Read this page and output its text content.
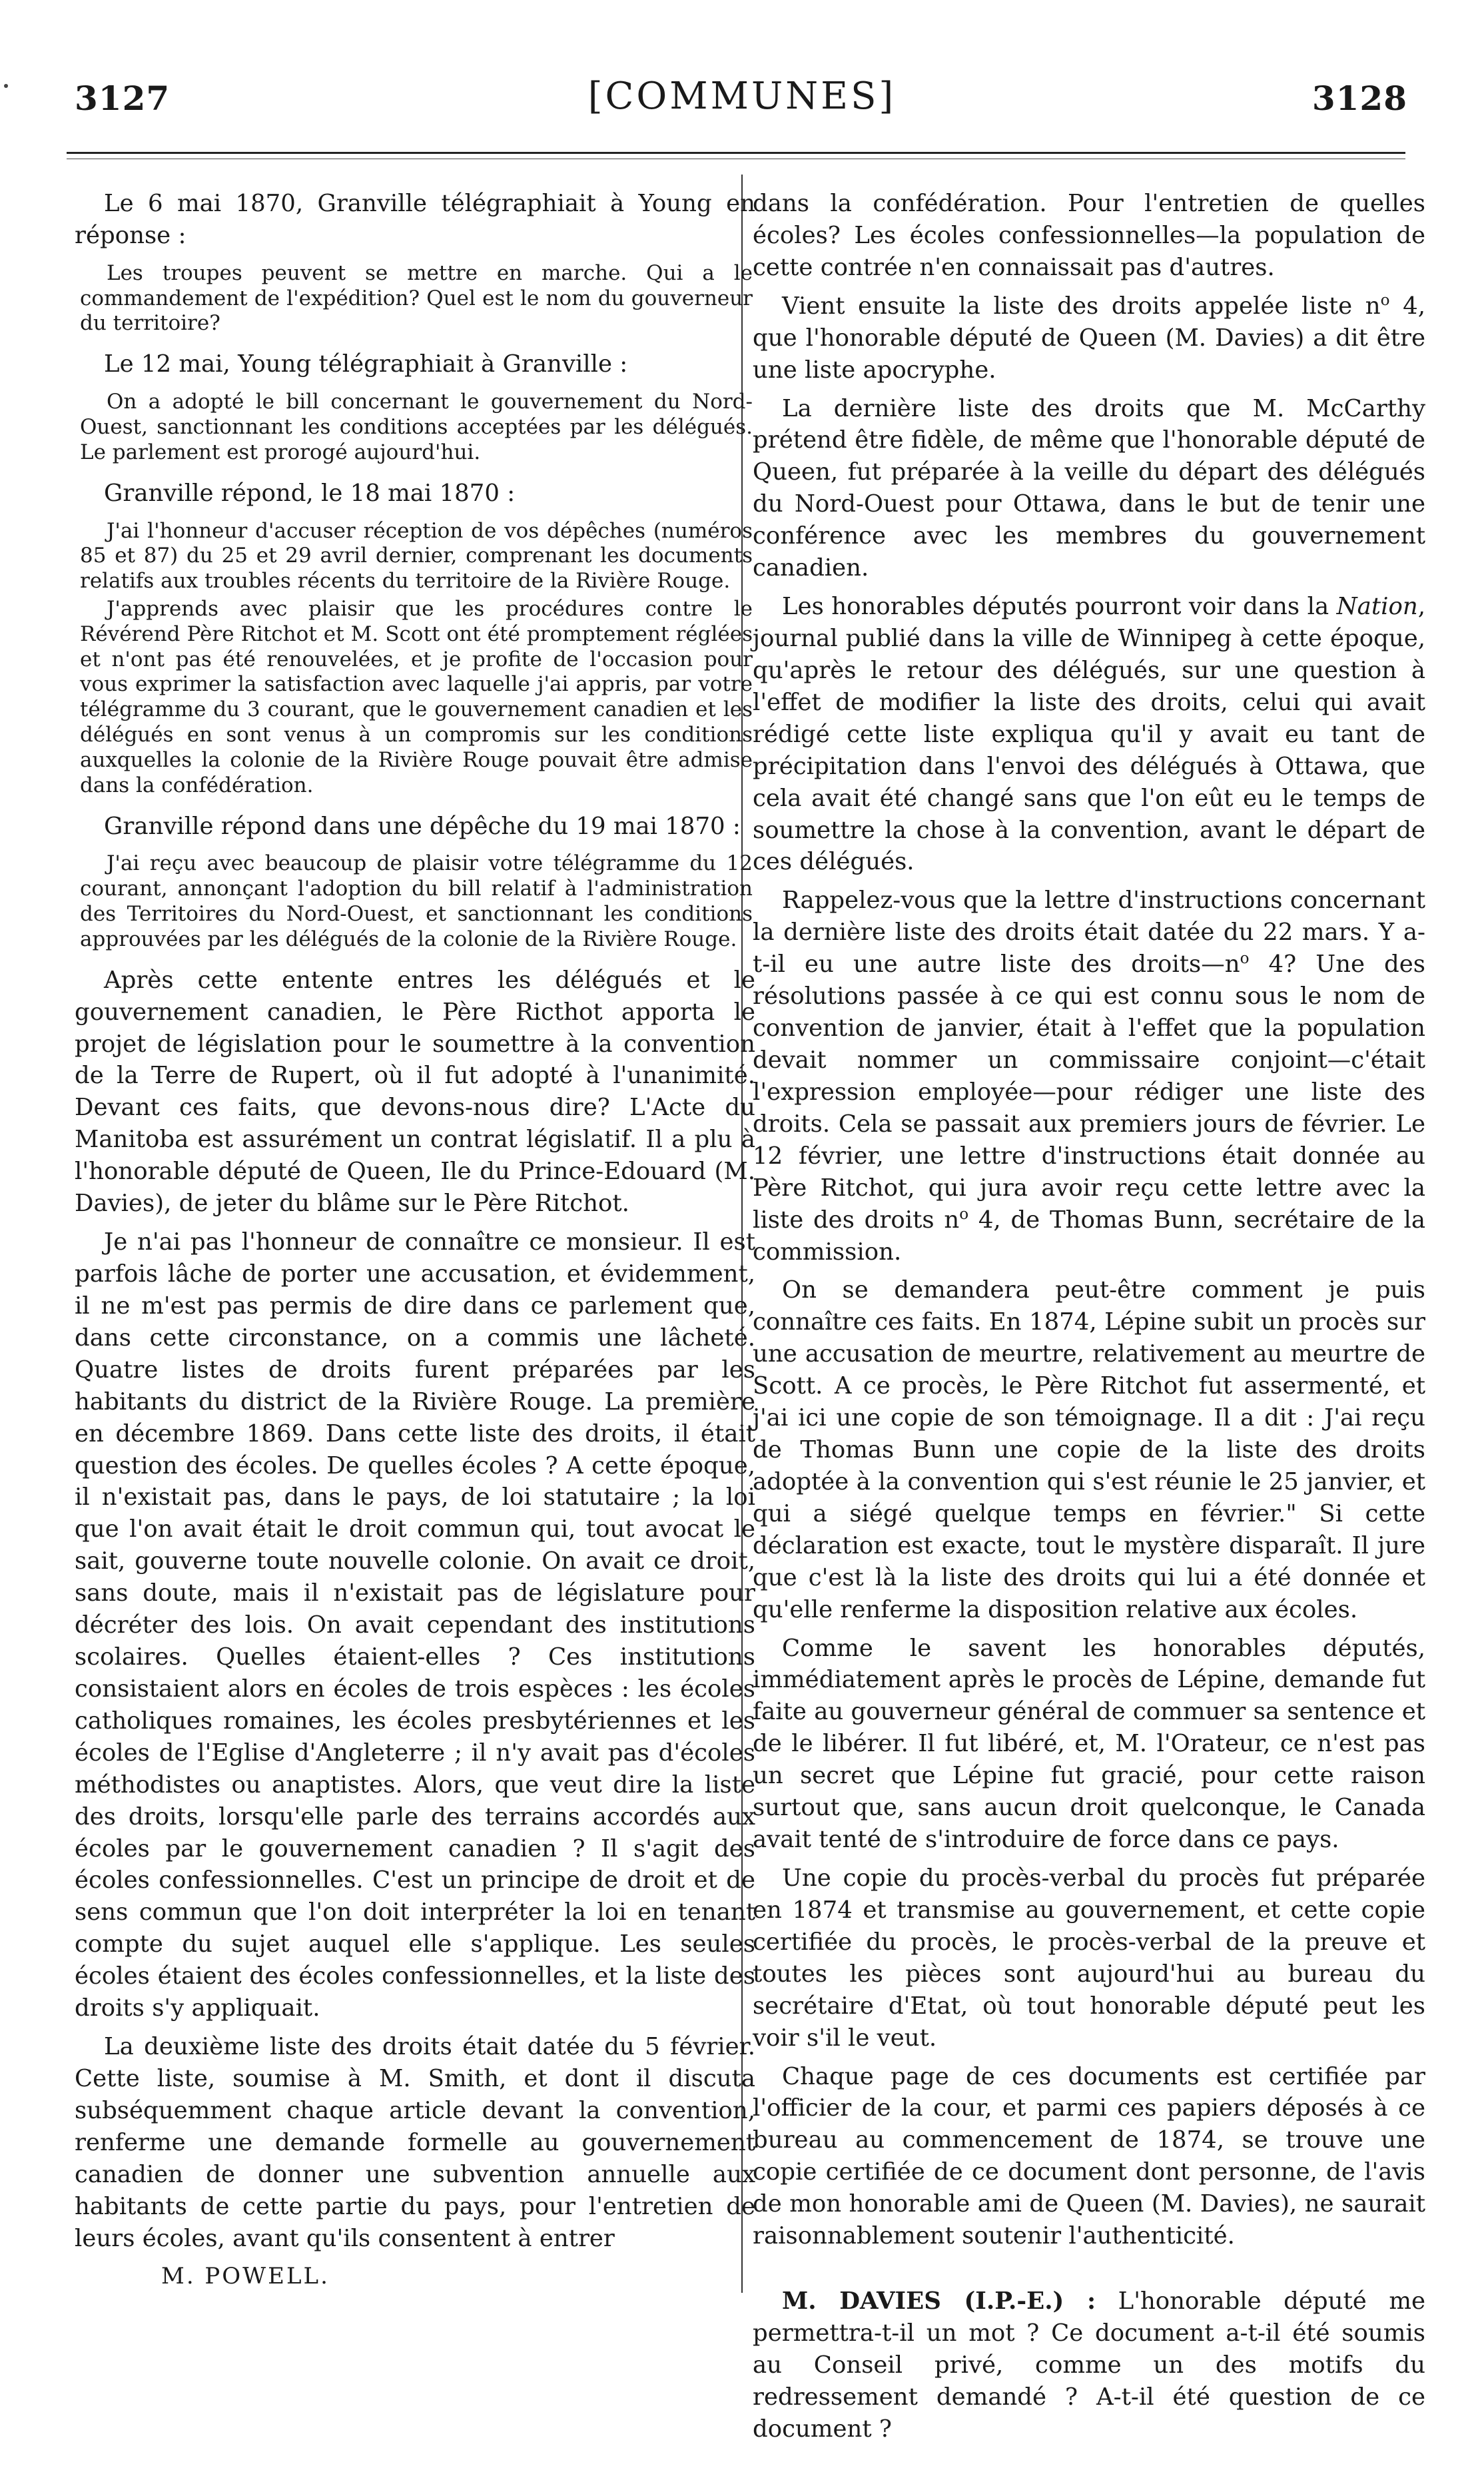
3127	[COMMUNES]	3128

Le 6 mai 1870, Granville télégraphiait à Young en réponse :

Les troupes peuvent se mettre en marche. Qui a le commandement de l'expédition? Quel est le nom du gouverneur du territoire?

Le 12 mai, Young télégraphiait à Granville :

On a adopté le bill concernant le gouvernement du Nord-Ouest, sanctionnant les conditions acceptées par les délégués. Le parlement est prorogé aujourd'hui.

Granville répond, le 18 mai 1870 :

J'ai l'honneur d'accuser réception de vos dépêches (numéros 85 et 87) du 25 et 29 avril dernier, comprenant les documents relatifs aux troubles récents du territoire de la Rivière Rouge.

J'apprends avec plaisir que les procédures contre le Révérend Père Ritchot et M. Scott ont été promptement réglées et n'ont pas été renouvelées, et je profite de l'occasion pour vous exprimer la satisfaction avec laquelle j'ai appris, par votre télégramme du 3 courant, que le gouvernement canadien et les délégués en sont venus à un compromis sur les conditions auxquelles la colonie de la Rivière Rouge pouvait être admise dans la confédération.

Granville répond dans une dépêche du 19 mai 1870 :

J'ai reçu avec beaucoup de plaisir votre télégramme du 12 courant, annonçant l'adoption du bill relatif à l'administration des Territoires du Nord-Ouest, et sanctionnant les conditions approuvées par les délégués de la colonie de la Rivière Rouge.

Après cette entente entres les délégués et le gouvernement canadien, le Père Ricthot apporta le projet de législation pour le soumettre à la convention de la Terre de Rupert, où il fut adopté à l'unanimité. Devant ces faits, que devons-nous dire? L'Acte du Manitoba est assurément un contrat législatif. Il a plu à l'honorable député de Queen, Ile du Prince-Edouard (M. Davies), de jeter du blâme sur le Père Ritchot.

Je n'ai pas l'honneur de connaître ce monsieur. Il est parfois lâche de porter une accusation, et évidemment, il ne m'est pas permis de dire dans ce parlement que, dans cette circonstance, on a commis une lâcheté. Quatre listes de droits furent préparées par les habitants du district de la Rivière Rouge. La première en décembre 1869. Dans cette liste des droits, il était question des écoles. De quelles écoles ? A cette époque, il n'existait pas, dans le pays, de loi statutaire ; la loi que l'on avait était le droit commun qui, tout avocat le sait, gouverne toute nouvelle colonie. On avait ce droit, sans doute, mais il n'existait pas de législature pour décréter des lois. On avait cependant des institutions scolaires. Quelles étaient-elles ? Ces institutions consistaient alors en écoles de trois espèces : les écoles catholiques romaines, les écoles presbytériennes et les écoles de l'Eglise d'Angleterre ; il n'y avait pas d'écoles méthodistes ou anaptistes. Alors, que veut dire la liste des droits, lorsqu'elle parle des terrains accordés aux écoles par le gouvernement canadien ? Il s'agit des écoles confessionnelles. C'est un principe de droit et de sens commun que l'on doit interpréter la loi en tenant compte du sujet auquel elle s'applique. Les seules écoles étaient des écoles confessionnelles, et la liste des droits s'y appliquait.

La deuxième liste des droits était datée du 5 février. Cette liste, soumise à M. Smith, et dont il discuta subséquemment chaque article devant la convention, renferme une demande formelle au gouvernement canadien de donner une subvention annuelle aux habitants de cette partie du pays, pour l'entretien de leurs écoles, avant qu'ils consentent à entrer

M. POWELL.

dans la confédération. Pour l'entretien de quelles écoles? Les écoles confessionnelles—la population de cette contrée n'en connaissait pas d'autres.

Vient ensuite la liste des droits appelée liste $n^o$ 4, que l'honorable député de Queen (M. Davies) a dit être une liste apocryphe.

La dernière liste des droits que M. McCarthy prétend être fidèle, de même que l'honorable député de Queen, fut préparée à la veille du départ des délégués du Nord-Ouest pour Ottawa, dans le but de tenir une conférence avec les membres du gouvernement canadien.

Les honorables députés pourront voir dans la Nation, journal publié dans la ville de Winnipeg à cette époque, qu'après le retour des délégués, sur une question à l'effet de modifier la liste des droits, celui qui avait rédigé cette liste expliqua qu'il y avait eu tant de précipitation dans l'envoi des délégués à Ottawa, que cela avait été changé sans que l'on eût eu le temps de soumettre la chose à la convention, avant le départ de ces délégués.

Rappelez-vous que la lettre d'instructions concernant la dernière liste des droits était datée du 22 mars. Y a-t-il eu une autre liste des $droits—n^o$ 4? Une des résolutions passée à ce qui est connu sous le nom de convention de janvier, était à l'effet que la population devait nommer un commissaire conjoint—c'était l'expression employée—pour rédiger une liste des droits. Cela se passait aux premiers jours de février. Le 12 février, une lettre d'instructions était donnée au Père Ritchot, qui jura avoir reçu cette lettre avec la liste des droits $n^o$ 4, de Thomas Bunn, secrétaire de la commission.

On se demandera peut-être comment je puis connaître ces faits. En 1874, Lépine subit un procès sur une accusation de meurtre, relativement au meurtre de Scott. A ce procès, le Père Ritchot fut assermenté, et j'ai ici une copie de son témoignage. Il a dit : J'ai reçu de Thomas Bunn une copie de la liste des droits adoptée à la convention qui s'est réunie le 25 janvier, et qui a siégé quelque temps en février." Si cette déclaration est exacte, tout le mystère disparaît. Il jure que c'est là la liste des droits qui lui a été donnée et qu'elle renferme la disposition relative aux écoles.

Comme le savent les honorables députés, immédiatement après le procès de Lépine, demande fut faite au gouverneur général de commuer sa sentence et de le libérer. Il fut libéré, et, M. l'Orateur, ce n'est pas un secret que Lépine fut gracié, pour cette raison surtout que, sans aucun droit quelconque, le Canada avait tenté de s'introduire de force dans ce pays.

Une copie du procès-verbal du procès fut préparée en 1874 et transmise au gouvernement, et cette copie certifiée du procès, le procès-verbal de la preuve et toutes les pièces sont aujourd'hui au bureau du secrétaire d'Etat, où tout honorable député peut les voir s'il le veut.

Chaque page de ces documents est certifiée par l'officier de la cour, et parmi ces papiers déposés à ce bureau au commencement de 1874, se trouve une copie certifiée de ce document dont personne, de l'avis de mon honorable ami de Queen (M. Davies), ne saurait raisonnablement soutenir l'authenticité.

M. DAVIES (I.P.-E.) : L'honorable député me permettra-t-il un mot ? Ce document a-t-il été soumis au Conseil privé, comme un des motifs du redressement demandé ? A-t-il été question de ce document ?
